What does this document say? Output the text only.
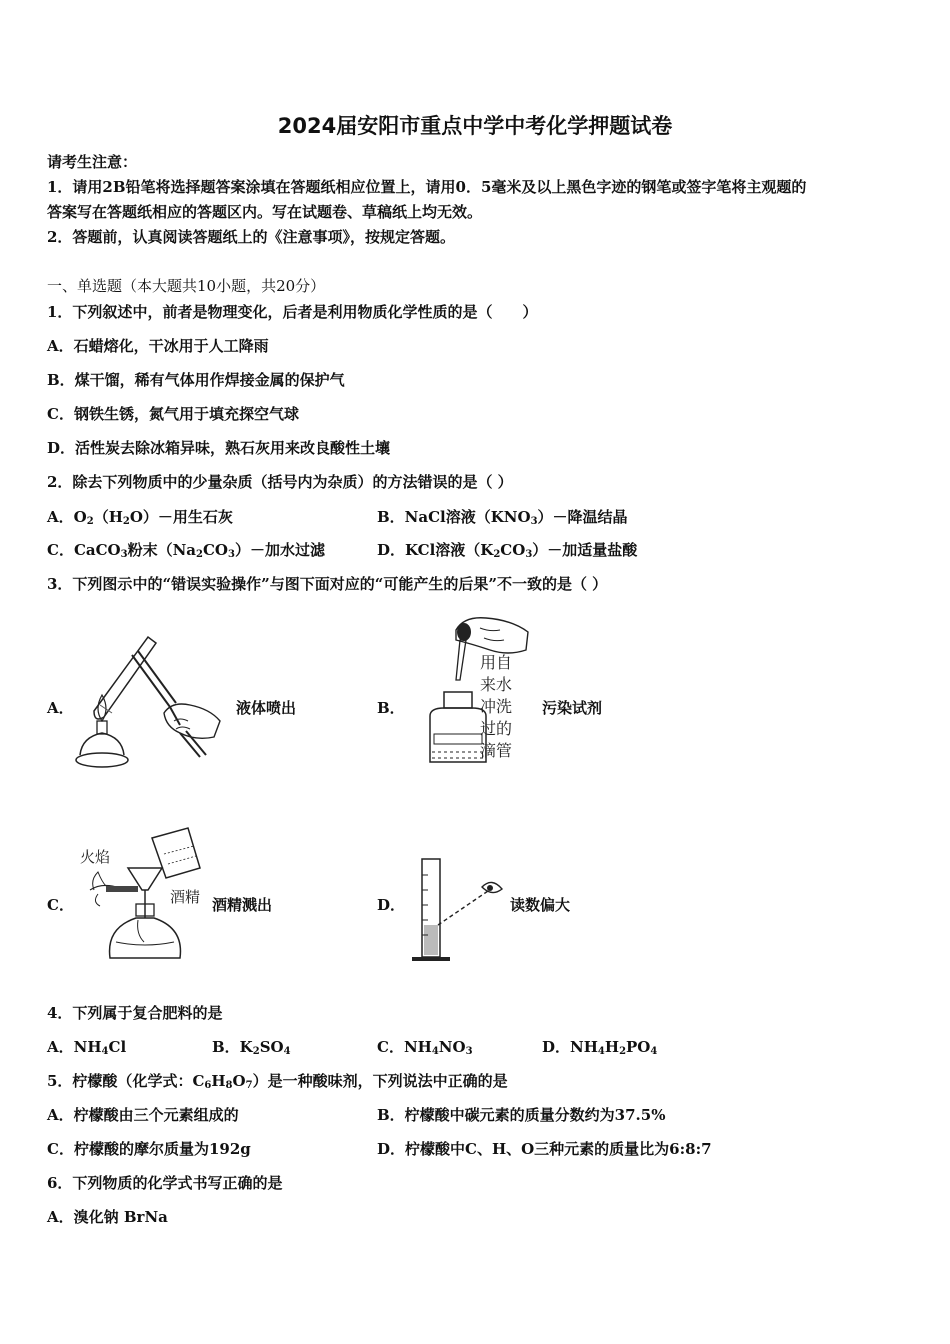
2024届安阳市重点中学中考化学押题试卷
请考生注意：
1．请用2B铅笔将选择题答案涂填在答题纸相应位置上，请用0．5毫米及以上黑色字迹的钢笔或签字笔将主观题的
答案写在答题纸相应的答题区内。写在试题卷、草稿纸上均无效。
2．答题前，认真阅读答题纸上的《注意事项》，按规定答题。
一、单选题（本大题共10小题，共20分）
1．下列叙述中，前者是物理变化，后者是利用物质化学性质的是（　　）
A．石蜡熔化，干冰用于人工降雨
B．煤干馏，稀有气体用作焊接金属的保护气
C．钢铁生锈，氮气用于填充探空气球
D．活性炭去除冰箱异味，熟石灰用来改良酸性土壤
2．除去下列物质中的少量杂质（括号内为杂质）的方法错误的是（ ）
A．$O_2(H_2O)-$用生石灰	B．NaCl溶液$(KNO_3)-$降温结晶
C．CaCO$_3$粉末$(Na_2CO_3)-$加水过滤	D．KCl溶液$(K_2CO_3)-$加适量盐酸
3．下列图示中的“错误实验操作”与图下面对应的“可能产生的后果”不一致的是（ ）
A．	液体喷出	B．
用自
来水
冲洗
过的
滴管
污染试剂
C．
火焰
酒精 酒精溅出	D．	读数偏大
4．下列属于复合肥料的是
A．$NH_4Cl$	B．$K_2SO_4$	C．$NH_4NO_3$	D．$NH_4H_2PO_4$
5．柠檬酸（化学式：$C_6H_8O_7$）是一种酸味剂，下列说法中正确的是
A．柠檬酸由三个元素组成的	B．柠檬酸中碳元素的质量分数约为37.5%
C．柠檬酸的摩尔质量为192g	D．柠檬酸中C、H、O三种元素的质量比为6:8:7
6．下列物质的化学式书写正确的是
A．溴化钠 BrNa
